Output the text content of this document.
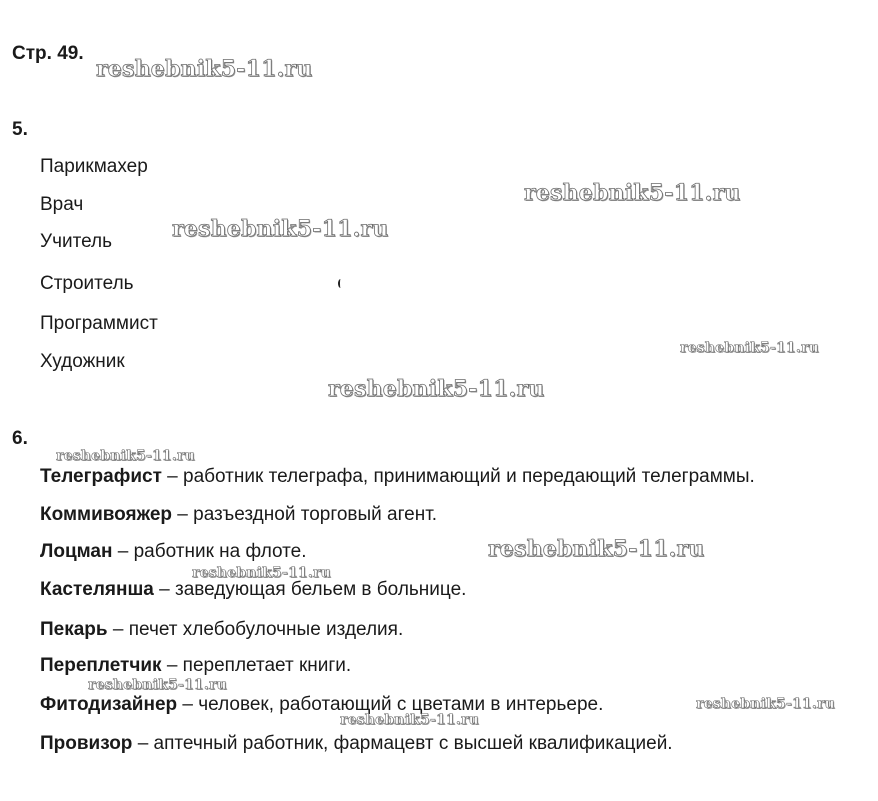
Стр. 49.
5.
Парикмахер
Врач
Учитель
Строитель
Программист
Художник
6.
Телеграфист – работник телеграфа, принимающий и передающий телеграммы.
Коммивояжер – разъездной торговый агент.
Лоцман – работник на флоте.
Кастелянша – заведующая бельем в больнице.
Пекарь – печет хлебобулочные изделия.
Переплетчик – переплетает книги.
Фитодизайнер – человек, работающий с цветами в интерьере.
Провизор – аптечный работник, фармацевт с высшей квалификацией.
reshebnik5-11.ru
reshebnik5-11.ru
reshebnik5-11.ru
reshebnik5-11.ru
reshebnik5-11.ru
reshebnik5-11.ru
reshebnik5-11.ru
reshebnik5-11.ru
reshebnik5-11.ru
reshebnik5-11.ru
reshebnik5-11.ru
